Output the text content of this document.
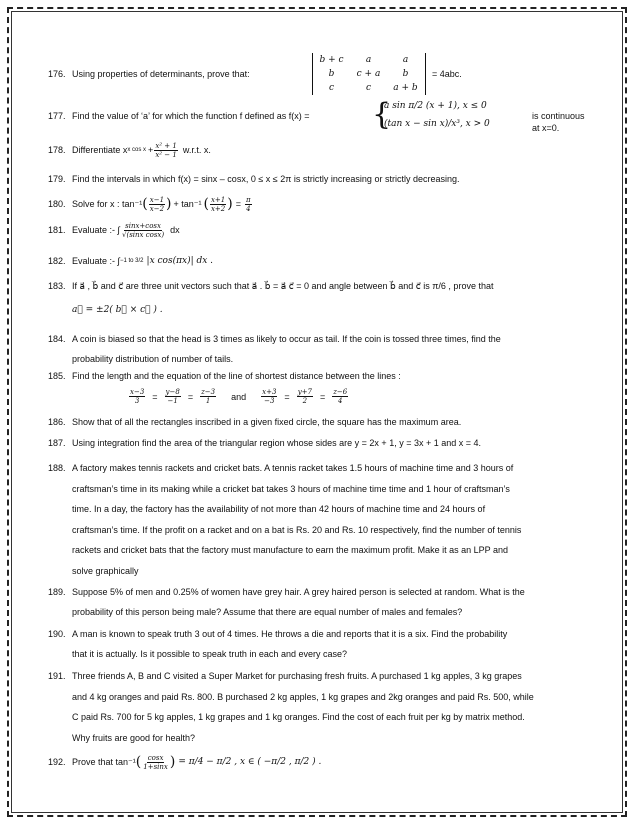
176. Using properties of determinants, prove that:
b + c	a	a
b	c + a	b
c	c	a + b
= 4abc.
177. Find the value of ‘a’ for which the function f defined as f(x) = {
a sin π/2 (x + 1), x ≤ 0
(tan x − sin x)/x³, x > 0
is continuous at x=0.
178. Differentiate x x $\cos x + \frac{\text{x² + 1}}{\text{x² − 1}} w.r.t$. x.
179. Find the intervals in which f(x) = sinx – cosx, 0 ≤ x ≤ 2π is strictly increasing or strictly decreasing.
180. Solve for x : tan⁻¹ ( $\frac{x-1}{x-2}$ ) + tan⁻¹ ( $\frac{x+1}{x+2}$ ) = $\frac{\pi}{4}$
181. Evaluate :- ∫ $\frac{\sin x+\cos x}{\text{√(sinx cosx)}}$ dx
182. Evaluate :- ∫ −1 to 3/2 |x cos(πx)| dx .
183. If a⃗ , b⃗ and c⃗ are three unit vectors such that a⃗ . b⃗ = a⃗ c⃗ = 0 and angle between b⃗ and c⃗ is π/6 , prove that
a⃗ = ±2( b⃗ × c⃗ ) .
184. A coin is biased so that the head is 3 times as likely to occur as tail. If the coin is tossed three times, find the
probability distribution of number of tails.
185. Find the length and the equation of the line of shortest distance between the lines :
$\frac{x-3}{3} = \frac{y-8}{-1} = \frac{z-3}{1}$ and $\frac{x+3}{-3} = \frac{y+7}{2} = \frac{z-6}{4}$
186. Show that of all the rectangles inscribed in a given fixed circle, the square has the maximum area.
187. Using integration find the area of the triangular region whose sides are y = 2x + 1, y = 3x + 1 and x = 4.
188. A factory makes tennis rackets and cricket bats. A tennis racket takes 1.5 hours of machine time and 3 hours of
craftsman’s time in its making while a cricket bat takes 3 hours of machine time time and 1 hour of craftsman’s
time. In a day, the factory has the availability of not more than 42 hours of machine time and 24 hours of
craftsman’s time. If the profit on a racket and on a bat is Rs. 20 and Rs. 10 respectively, find the number of tennis
rackets and cricket bats that the factory must manufacture to earn the maximum profit. Make it as an LPP and
solve graphically
189. Suppose 5% of men and 0.25% of women have grey hair. A grey haired person is selected at random. What is the
probability of this person being male? Assume that there are equal number of males and females?
190. A man is known to speak truth 3 out of 4 times. He throws a die and reports that it is a six. Find the probability
that it is actually. Is it possible to speak truth in each and every case?
191. Three friends A, B and C visited a Super Market for purchasing fresh fruits. A purchased 1 kg apples, 3 kg grapes
and 4 kg oranges and paid Rs. 800. B purchased 2 kg apples, 1 kg grapes and 2kg oranges and paid Rs. 500, while
C paid Rs. 700 for 5 kg apples, 1 kg grapes and 1 kg oranges. Find the cost of each fruit per kg by matrix method.
Why fruits are good for health?
192. Prove that tan⁻¹ ( $\frac{\cos x}{1+\sin x}$ ) = π/4 − π/2 , x ∈ ( −π/2 , π/2 ) .
